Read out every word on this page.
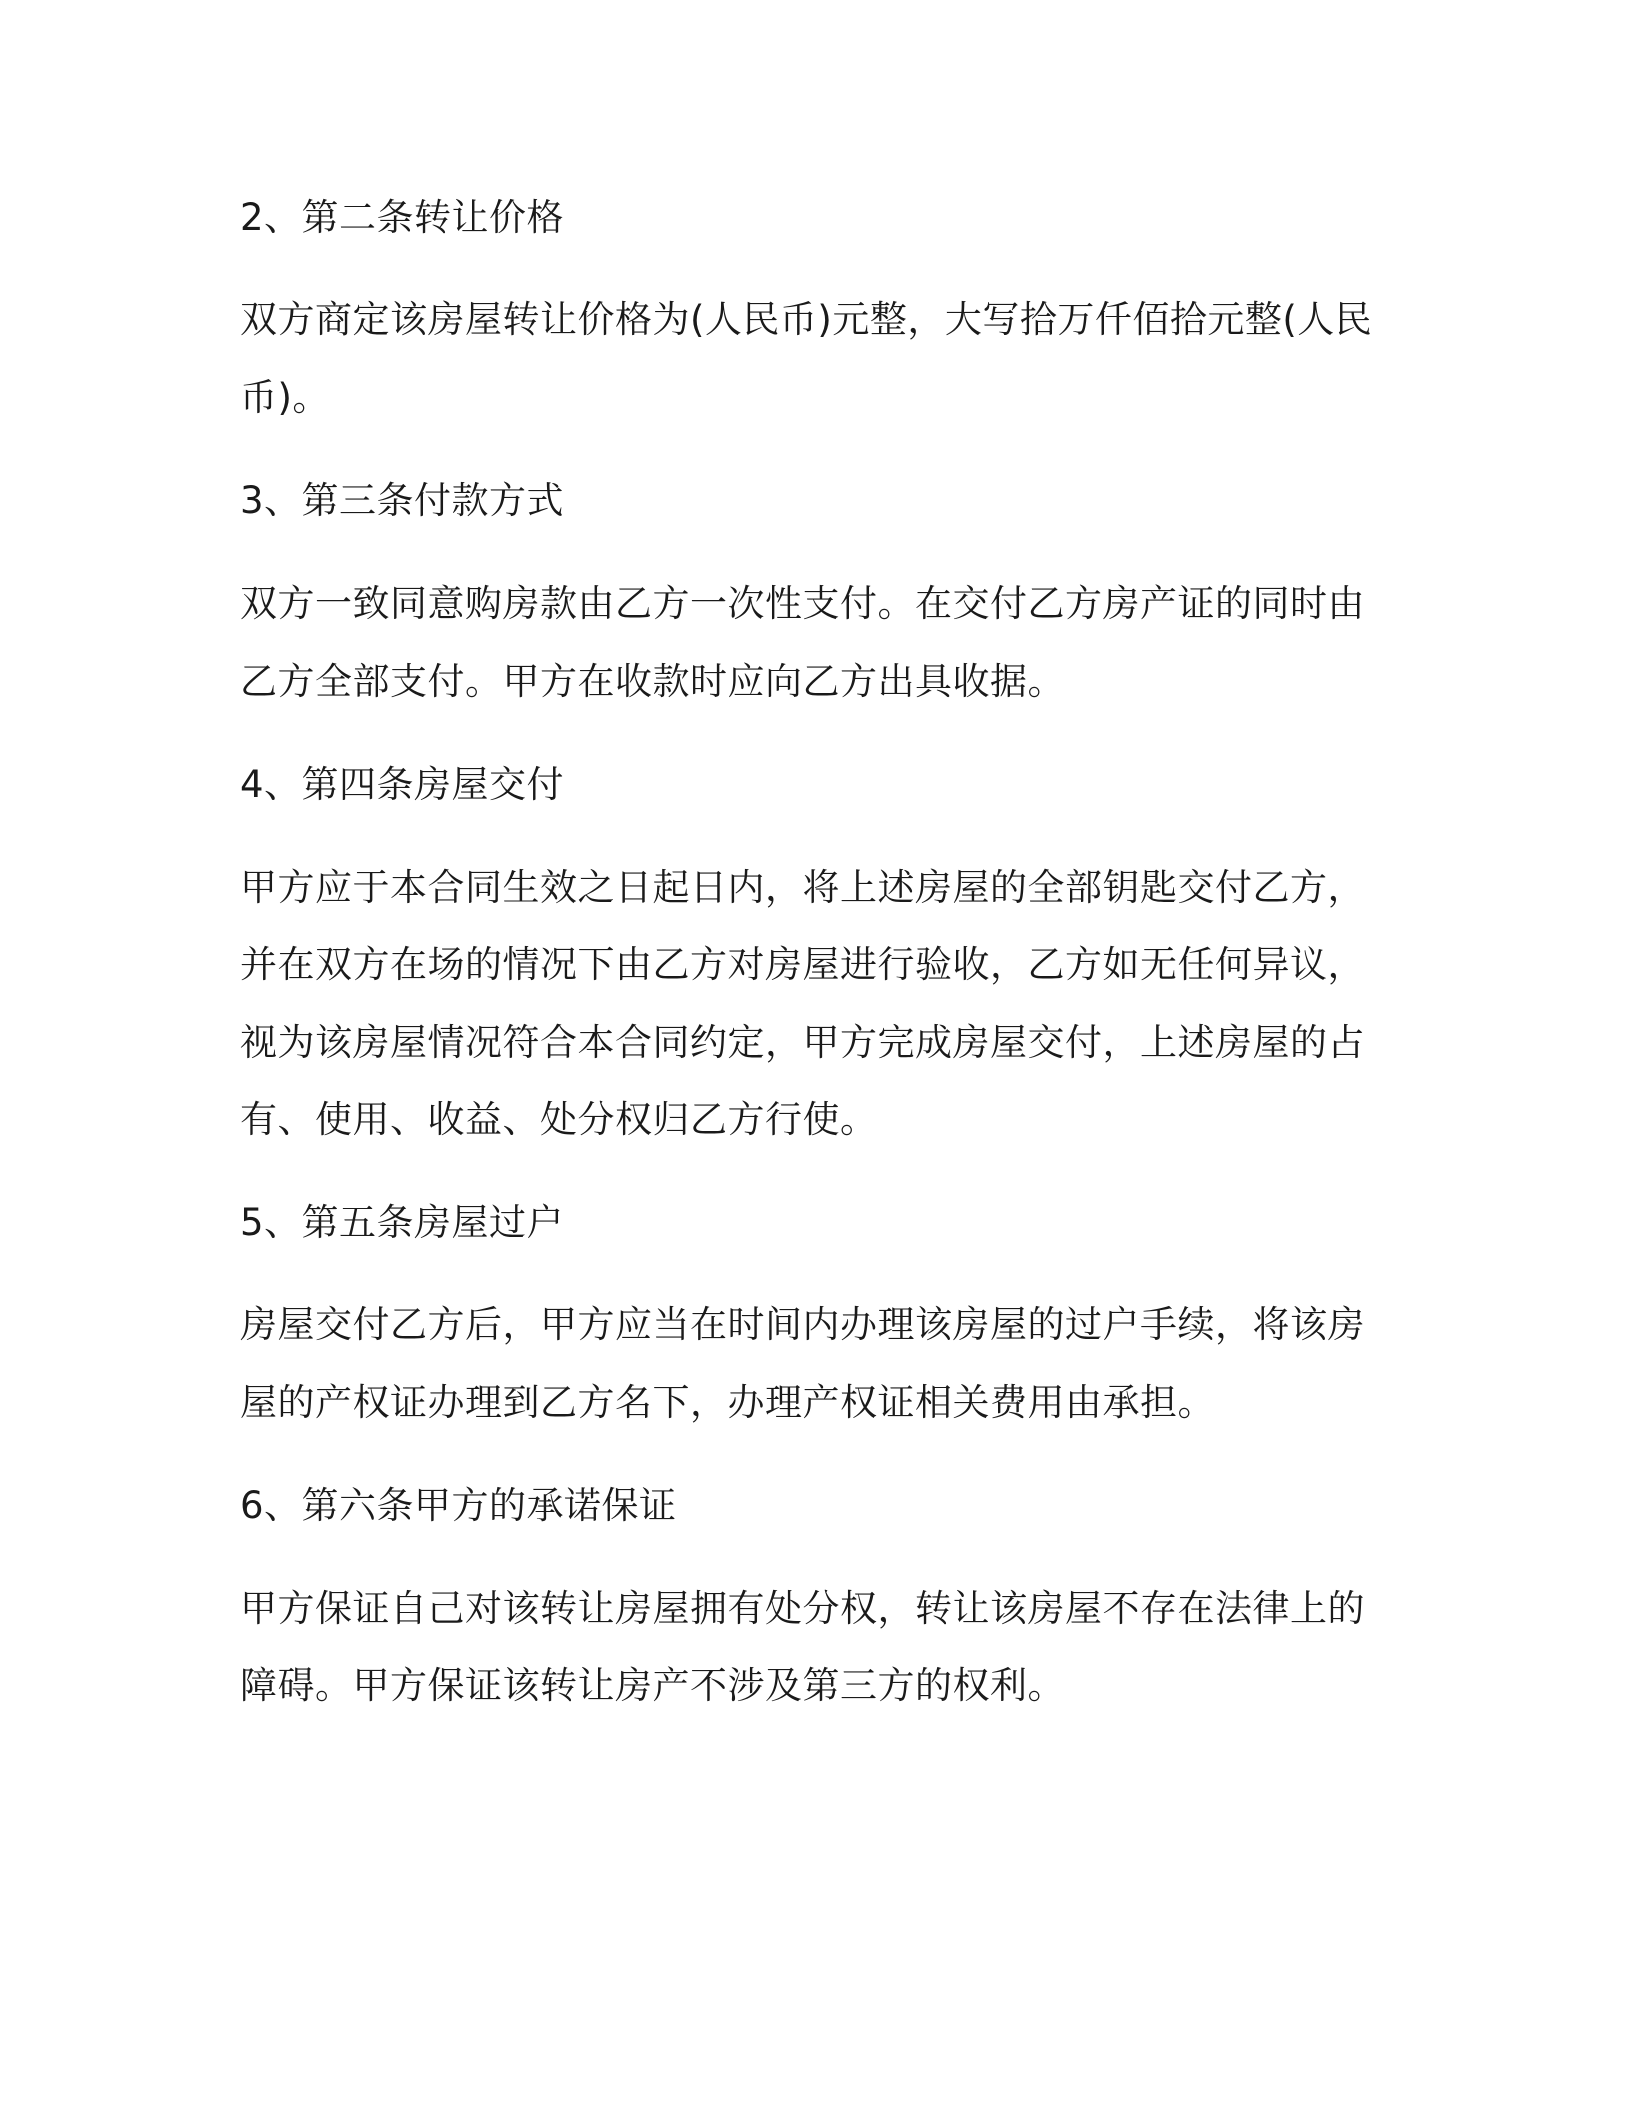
2、第二条转让价格
双方商定该房屋转让价格为(人民币)元整，大写拾万仟佰拾元整(人民
币)。
3、第三条付款方式
双方一致同意购房款由乙方一次性支付。在交付乙方房产证的同时由
乙方全部支付。甲方在收款时应向乙方出具收据。
4、第四条房屋交付
甲方应于本合同生效之日起日内，将上述房屋的全部钥匙交付乙方，
并在双方在场的情况下由乙方对房屋进行验收，乙方如无任何异议，
视为该房屋情况符合本合同约定，甲方完成房屋交付，上述房屋的占
有、使用、收益、处分权归乙方行使。
5、第五条房屋过户
房屋交付乙方后，甲方应当在时间内办理该房屋的过户手续，将该房
屋的产权证办理到乙方名下，办理产权证相关费用由承担。
6、第六条甲方的承诺保证
甲方保证自己对该转让房屋拥有处分权，转让该房屋不存在法律上的
障碍。甲方保证该转让房产不涉及第三方的权利。
